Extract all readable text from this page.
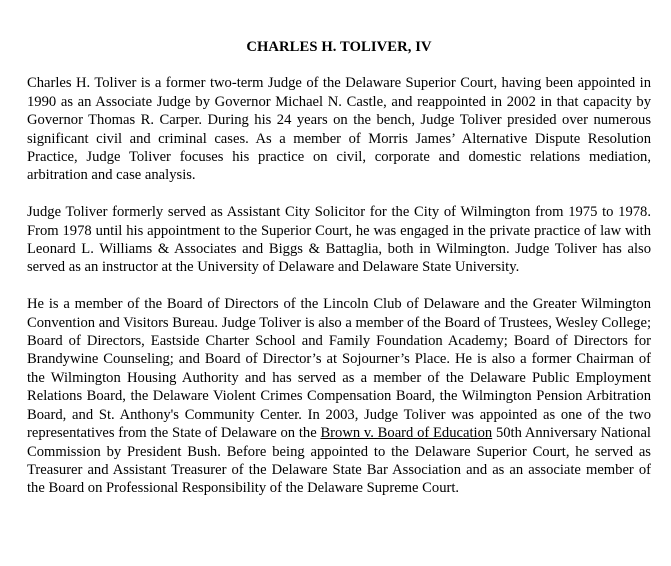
CHARLES H. TOLIVER, IV

Charles H. Toliver is a former two-term Judge of the Delaware Superior Court, having been appointed in 1990 as an Associate Judge by Governor Michael N. Castle, and reappointed in 2002 in that capacity by Governor Thomas R. Carper. During his 24 years on the bench, Judge Toliver presided over numerous significant civil and criminal cases. As a member of Morris James’ Alternative Dispute Resolution Practice, Judge Toliver focuses his practice on civil, corporate and domestic relations mediation, arbitration and case analysis.

Judge Toliver formerly served as Assistant City Solicitor for the City of Wilmington from 1975 to 1978. From 1978 until his appointment to the Superior Court, he was engaged in the private practice of law with Leonard L. Williams & Associates and Biggs & Battaglia, both in Wilmington. Judge Toliver has also served as an instructor at the University of Delaware and Delaware State University.

He is a member of the Board of Directors of the Lincoln Club of Delaware and the Greater Wilmington Convention and Visitors Bureau. Judge Toliver is also a member of the Board of Trustees, Wesley College; Board of Directors, Eastside Charter School and Family Foundation Academy; Board of Directors for Brandywine Counseling; and Board of Director’s at Sojourner’s Place. He is also a former Chairman of the Wilmington Housing Authority and has served as a member of the Delaware Public Employment Relations Board, the Delaware Violent Crimes Compensation Board, the Wilmington Pension Arbitration Board, and St. Anthony's Community Center. In 2003, Judge Toliver was appointed as one of the two representatives from the State of Delaware on the Brown v. Board of Education 50th Anniversary National Commission by President Bush. Before being appointed to the Delaware Superior Court, he served as Treasurer and Assistant Treasurer of the Delaware State Bar Association and as an associate member of the Board on Professional Responsibility of the Delaware Supreme Court.
